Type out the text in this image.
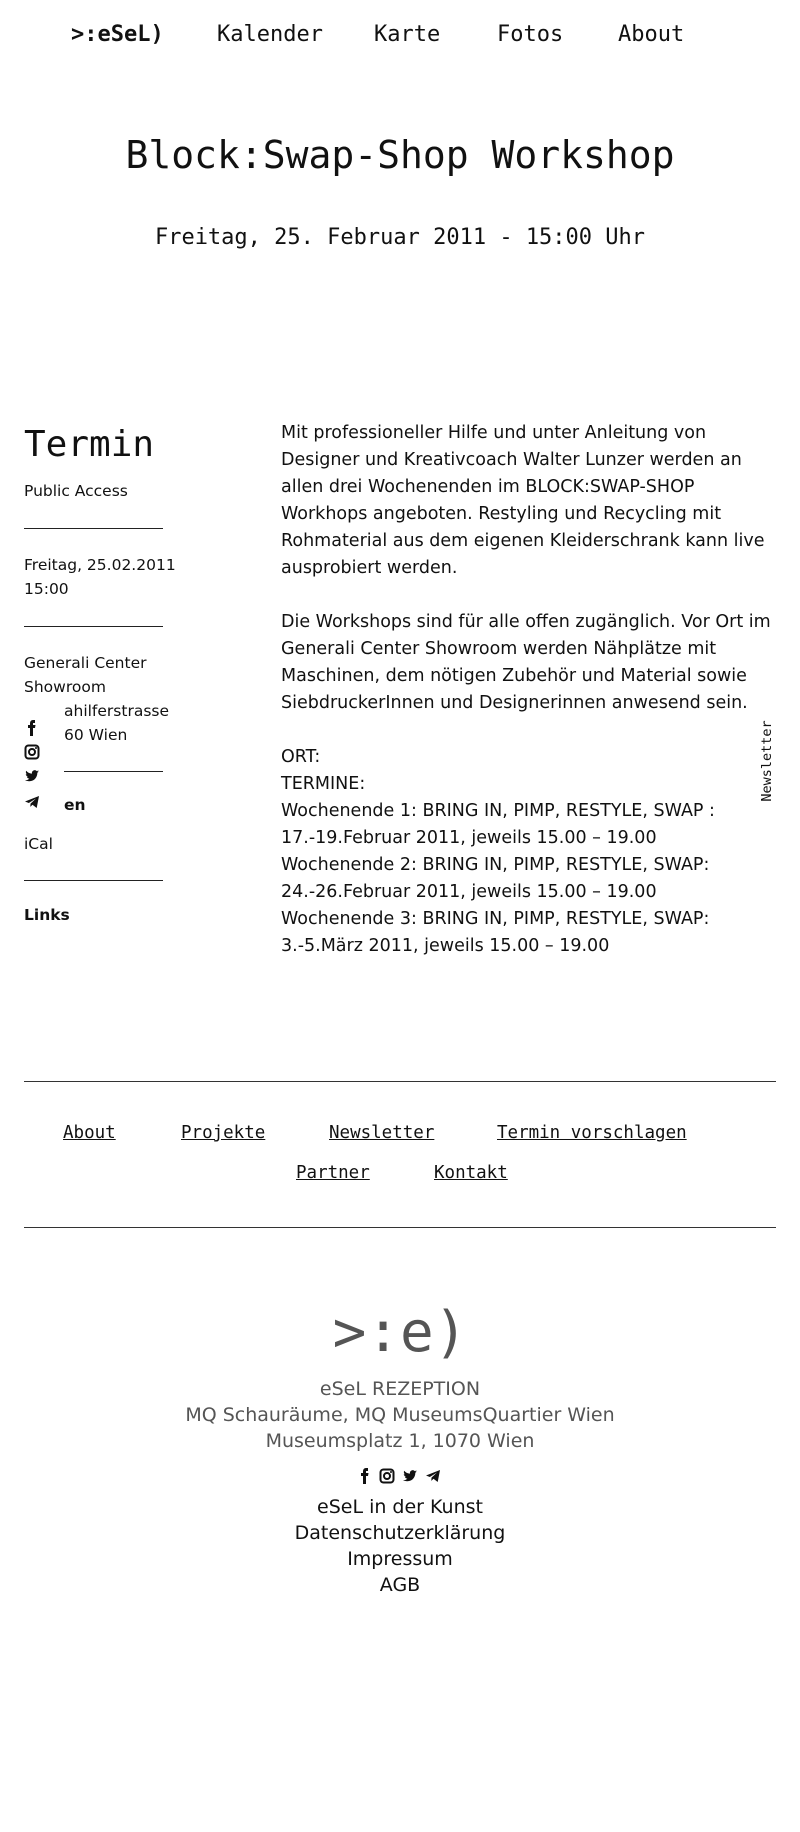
>:eSeL) Kalender Karte	Fotos About
Block:Swap-Shop Workshop
Freitag, 25. Februar 2011 - 15:00 Uhr
Termin
Public Access
Freitag, 25.02.2011
15:00
Generali Center
Showroom
ahilferstrasse
60 Wien
en
iCal
Links

Mit professioneller Hilfe und unter Anleitung von Designer und Kreativcoach Walter Lunzer werden an allen drei Wochenenden im BLOCK:SWAP-SHOP Workhops angeboten. Restyling und Recycling mit Rohmaterial aus dem eigenen Kleiderschrank kann live ausprobiert werden.

Die Workshops sind für alle offen zugänglich. Vor Ort im Generali Center Showroom werden Nähplätze mit Maschinen, dem nötigen Zubehör und Material sowie SiebdruckerInnen und Designerinnen anwesend sein.

ORT:
TERMINE:
Wochenende 1: BRING IN, PIMP, RESTYLE, SWAP :
17.-19.Februar 2011, jeweils 15.00 – 19.00
Wochenende 2: BRING IN, PIMP, RESTYLE, SWAP:
24.-26.Februar 2011, jeweils 15.00 – 19.00
Wochenende 3: BRING IN, PIMP, RESTYLE, SWAP:
3.-5.März 2011, jeweils 15.00 – 19.00
Newsletter
About	Projekte	Newsletter	Termin vorschlagen
Partner	Kontakt
>:e)
eSeL REZEPTION
MQ Schauräume, MQ MuseumsQuartier Wien
Museumsplatz 1, 1070 Wien
eSeL in der Kunst
Datenschutzerklärung
Impressum
AGB
